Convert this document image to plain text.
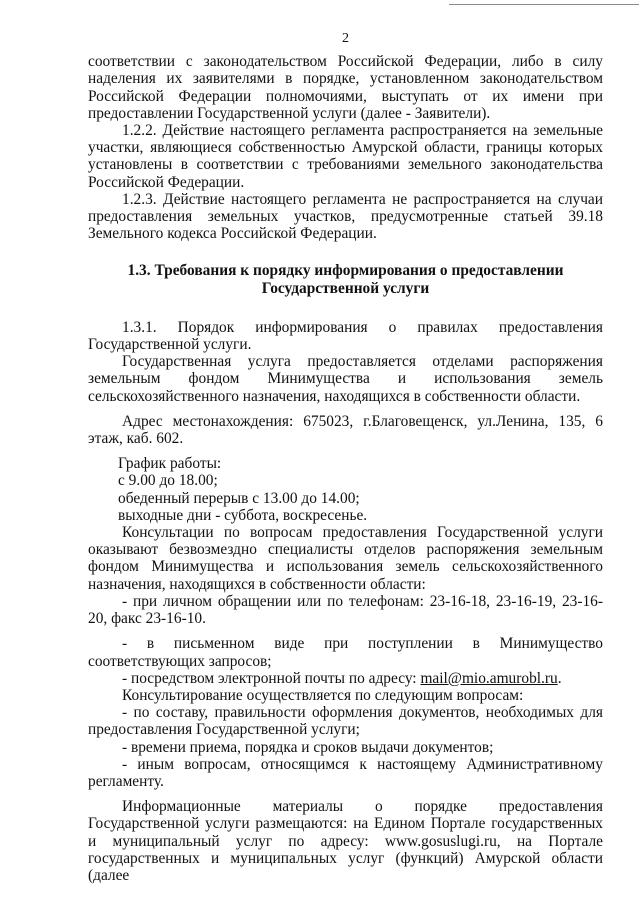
2

соответствии с законодательством Российской Федерации, либо в силу наделения их заявителями в порядке, установленном законодательством Российской Федерации полномочиями, выступать от их имени при предоставлении Государственной услуги (далее - Заявители).

1.2.2. Действие настоящего регламента распространяется на земельные участки, являющиеся собственностью Амурской области, границы которых установлены в соответствии с требованиями земельного законодательства Российской Федерации.

1.2.3. Действие настоящего регламента не распространяется на случаи предоставления земельных участков, предусмотренные статьей 39.18 Земельного кодекса Российской Федерации.

1.3. Требования к порядку информирования о предоставлении Государственной услуги

1.3.1. Порядок информирования о правилах предоставления Государственной услуги.

Государственная услуга предоставляется отделами распоряжения земельным фондом Минимущества и использования земель сельскохозяйственного назначения, находящихся в собственности области.

Адрес местонахождения: 675023, г.Благовещенск, ул.Ленина, 135, 6 этаж, каб. 602.

График работы:

с 9.00 до 18.00;

обеденный перерыв с 13.00 до 14.00;

выходные дни - суббота, воскресенье.

Консультации по вопросам предоставления Государственной услуги оказывают безвозмездно специалисты отделов распоряжения земельным фондом Минимущества и использования земель сельскохозяйственного назначения, находящихся в собственности области:

- при личном обращении или по телефонам: 23-16-18, 23-16-19, 23-16-20, факс 23-16-10.

- в письменном виде при поступлении в Минимущество соответствующих запросов;

- посредством электронной почты по адресу: mail@mio.amurobl.ru.

Консультирование осуществляется по следующим вопросам:

- по составу, правильности оформления документов, необходимых для предоставления Государственной услуги;

- времени приема, порядка и сроков выдачи документов;

- иным вопросам, относящимся к настоящему Административному регламенту.

Информационные материалы о порядке предоставления Государственной услуги размещаются: на Едином Портале государственных и муниципальный услуг по адресу: www.gosuslugi.ru, на Портале государственных и муниципальных услуг (функций) Амурской области (далее
